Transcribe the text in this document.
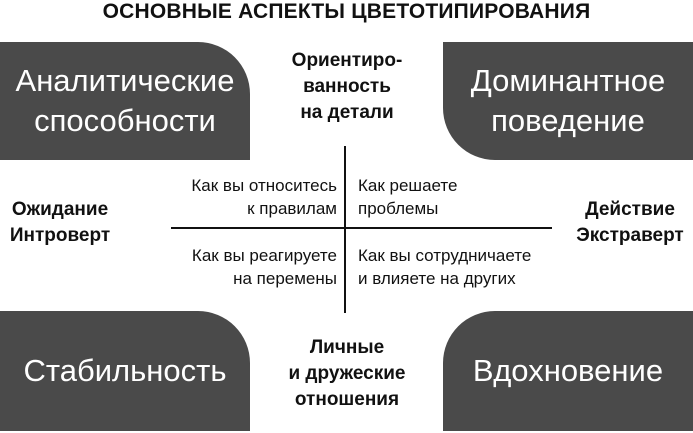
ОСНОВНЫЕ АСПЕКТЫ ЦВЕТОТИПИРОВАНИЯ
Аналитические
способности
Доминантное
поведение
Стабильность	Вдохновение
Ориентиро-
ванность
на детали
Личные
и дружеские
отношения
Ожидание
Интроверт
Действие
Экстраверт
Как вы относитесь
к правилам
Как решаете
проблемы
Как вы реагируете
на перемены
Как вы сотрудничаете
и влияете на других
